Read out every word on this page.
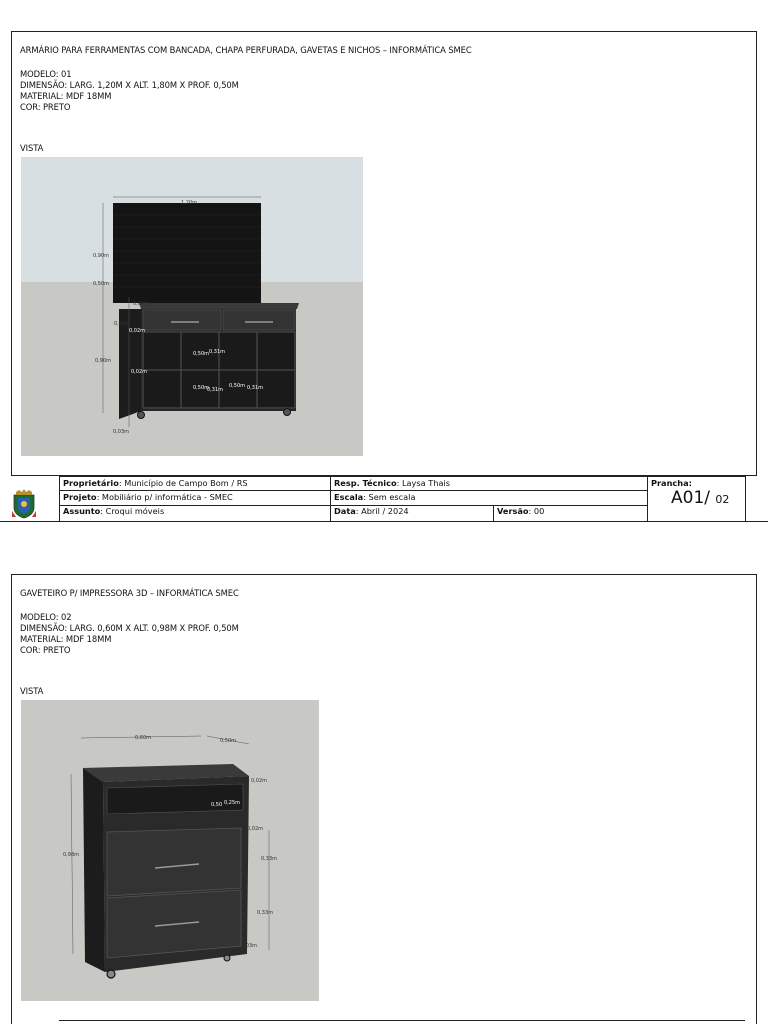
ARMÁRIO PARA FERRAMENTAS COM BANCADA, CHAPA PERFURADA, GAVETAS E NICHOS – INFORMÁTICA SMEC
MODELO: 01
DIMENSÃO: LARG. 1,20M X ALT. 1,80M X PROF. 0,50M
MATERIAL: MDF 18MM
COR: PRETO
VISTA
1,20m
0,90m
0,50m
0,02m
0,20m
0,02m
0,90m
0,02m
0,03m
0,50m 0,31m
0,50m
0,31m
0,50m 0,31m
Proprietário: Município de Campo Bom / RS
Projeto: Mobiliário p/ informática - SMEC
Assunto: Croqui móveis
Resp. Técnico: Laysa Thais
Escala: Sem escala
Data: Abril / 2024	Versão: 00
Prancha:
A01/ 02
GAVETEIRO P/ IMPRESSORA 3D – INFORMÁTICA SMEC
MODELO: 02
DIMENSÃO: LARG. 0,60M X ALT. 0,98M X PROF. 0,50M
MATERIAL: MDF 18MM
COR: PRETO
VISTA
0,60m	0,50m
0,02m
0,50 0,25m
0,98m
0,02m
0,33m
0,33m
0,03m
